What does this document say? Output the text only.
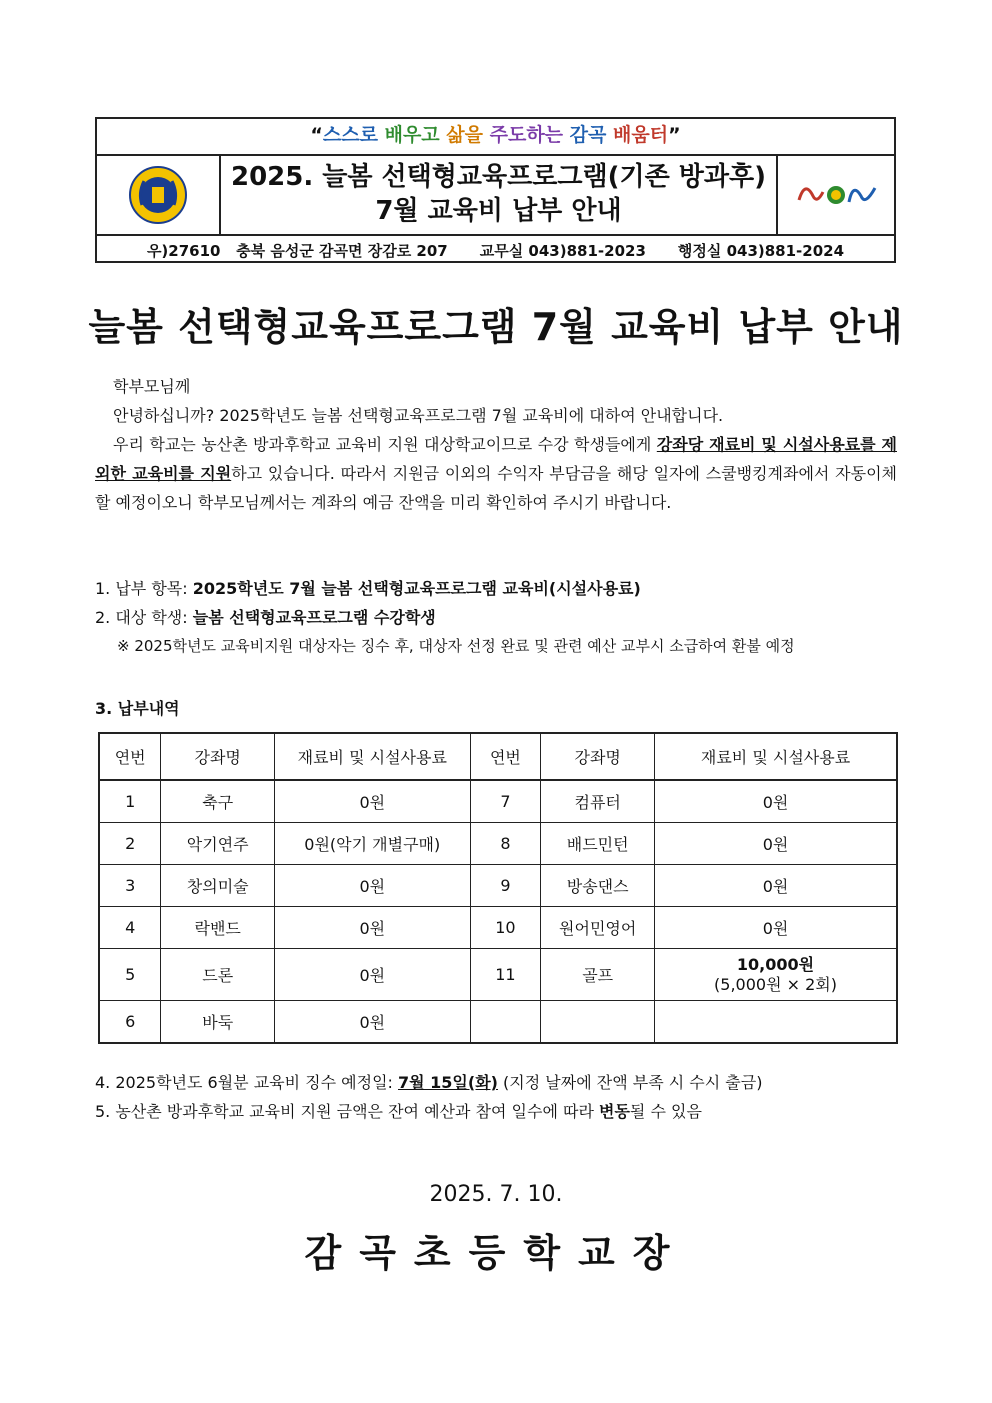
“스스로 배우고 삶을 주도하는 감곡 배움터”
2025. 늘봄 선택형교육프로그램(기존 방과후)
7월 교육비 납부 안내
우)27610   충북 음성군 감곡면 장감로 207 교무실 043)881-2023 행정실 043)881-2024
늘봄 선택형교육프로그램 7월 교육비 납부 안내

학부모님께

안녕하십니까? 2025학년도 늘봄 선택형교육프로그램 7월 교육비에 대하여 안내합니다.

우리 학교는 농산촌 방과후학교 교육비 지원 대상학교이므로 수강 학생들에게 강좌당 재료비 및 시설사용료를 제외한 교육비를 지원하고 있습니다. 따라서 지원금 이외의 수익자 부담금을 해당 일자에 스쿨뱅킹계좌에서 자동이체할 예정이오니 학부모님께서는 계좌의 예금 잔액을 미리 확인하여 주시기 바랍니다.

1. 납부 항목: 2025학년도 7월 늘봄 선택형교육프로그램 교육비(시설사용료)

2. 대상 학생: 늘봄 선택형교육프로그램 수강학생

※ 2025학년도 교육비지원 대상자는 징수 후, 대상자 선정 완료 및 관련 예산 교부시 소급하여 환불 예정

3. 납부내역
연번	강좌명	재료비 및 시설사용료	연번	강좌명	재료비 및 시설사용료
1	축구	0원	7	컴퓨터	0원
2	악기연주	0원(악기 개별구매)	8	배드민턴	0원
3	창의미술	0원	9	방송댄스	0원
4	락밴드	0원	10	원어민영어	0원
5	드론	0원	11	골프	10,000원
(5,000원 × 2회)

6	바둑	0원			

4. 2025학년도 6월분 교육비 징수 예정일: 7월 15일(화) (지정 날짜에 잔액 부족 시 수시 출금)

5. 농산촌 방과후학교 교육비 지원 금액은 잔여 예산과 참여 일수에 따라 변동될 수 있음

2025. 7. 10.
감곡초등학교장
